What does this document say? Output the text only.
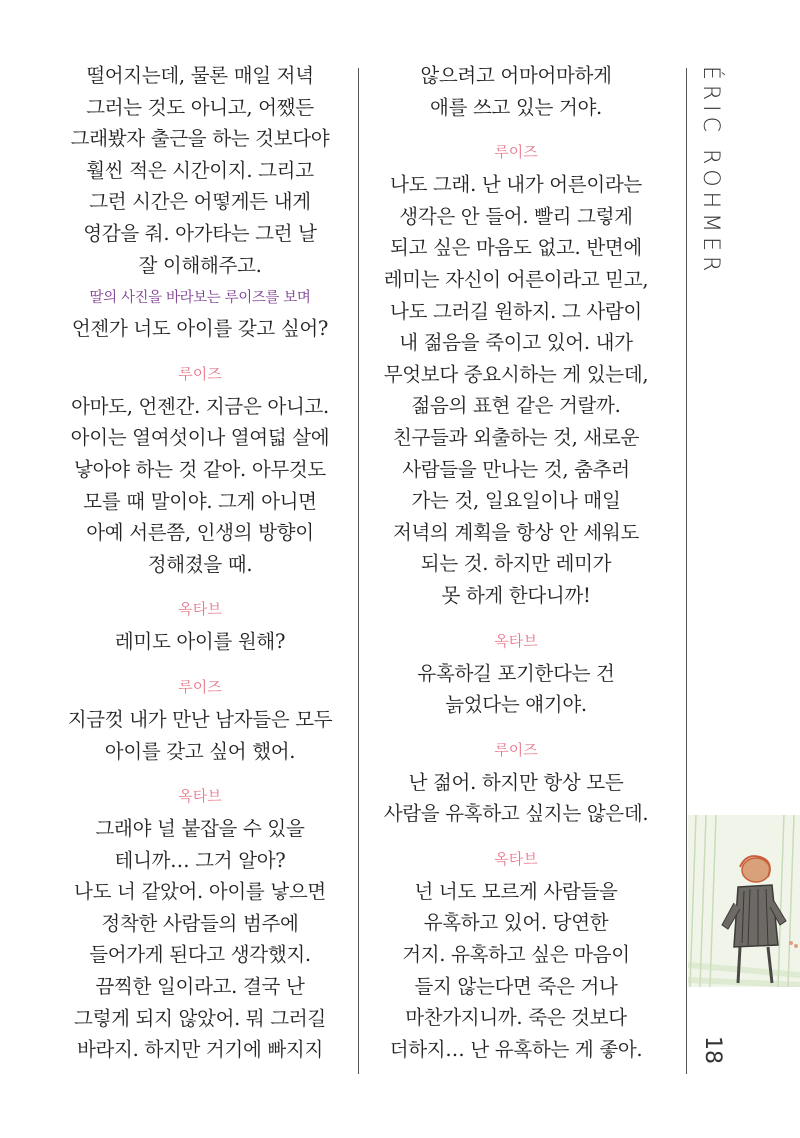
떨어지는데, 물론 매일 저녁
그러는 것도 아니고, 어쨌든
그래봤자 출근을 하는 것보다야
훨씬 적은 시간이지. 그리고
그런 시간은 어떻게든 내게
영감을 줘. 아가타는 그런 날
잘 이해해주고.
딸의 사진을 바라보는 루이즈를 보며
언젠가 너도 아이를 갖고 싶어?
루이즈
아마도, 언젠간. 지금은 아니고.
아이는 열여섯이나 열여덟 살에
낳아야 하는 것 같아. 아무것도
모를 때 말이야. 그게 아니면
아예 서른쯤, 인생의 방향이
정해졌을 때.
옥타브
레미도 아이를 원해?
루이즈
지금껏 내가 만난 남자들은 모두
아이를 갖고 싶어 했어.
옥타브
그래야 널 붙잡을 수 있을
테니까… 그거 알아?
나도 너 같았어. 아이를 낳으면
정착한 사람들의 범주에
들어가게 된다고 생각했지.
끔찍한 일이라고. 결국 난
그렇게 되지 않았어. 뭐 그러길
바라지. 하지만 거기에 빠지지
않으려고 어마어마하게
애를 쓰고 있는 거야.
루이즈
나도 그래. 난 내가 어른이라는
생각은 안 들어. 빨리 그렇게
되고 싶은 마음도 없고. 반면에
레미는 자신이 어른이라고 믿고,
나도 그러길 원하지. 그 사람이
내 젊음을 죽이고 있어. 내가
무엇보다 중요시하는 게 있는데,
젊음의 표현 같은 거랄까.
친구들과 외출하는 것, 새로운
사람들을 만나는 것, 춤추러
가는 것, 일요일이나 매일
저녁의 계획을 항상 안 세워도
되는 것. 하지만 레미가
못 하게 한다니까!
옥타브
유혹하길 포기한다는 건
늙었다는 얘기야.
루이즈
난 젊어. 하지만 항상 모든
사람을 유혹하고 싶지는 않은데.
옥타브
넌 너도 모르게 사람들을
유혹하고 있어. 당연한
거지. 유혹하고 싶은 마음이
들지 않는다면 죽은 거나
마찬가지니까. 죽은 것보다
더하지… 난 유혹하는 게 좋아.
ÉRIC ROHMER
18
